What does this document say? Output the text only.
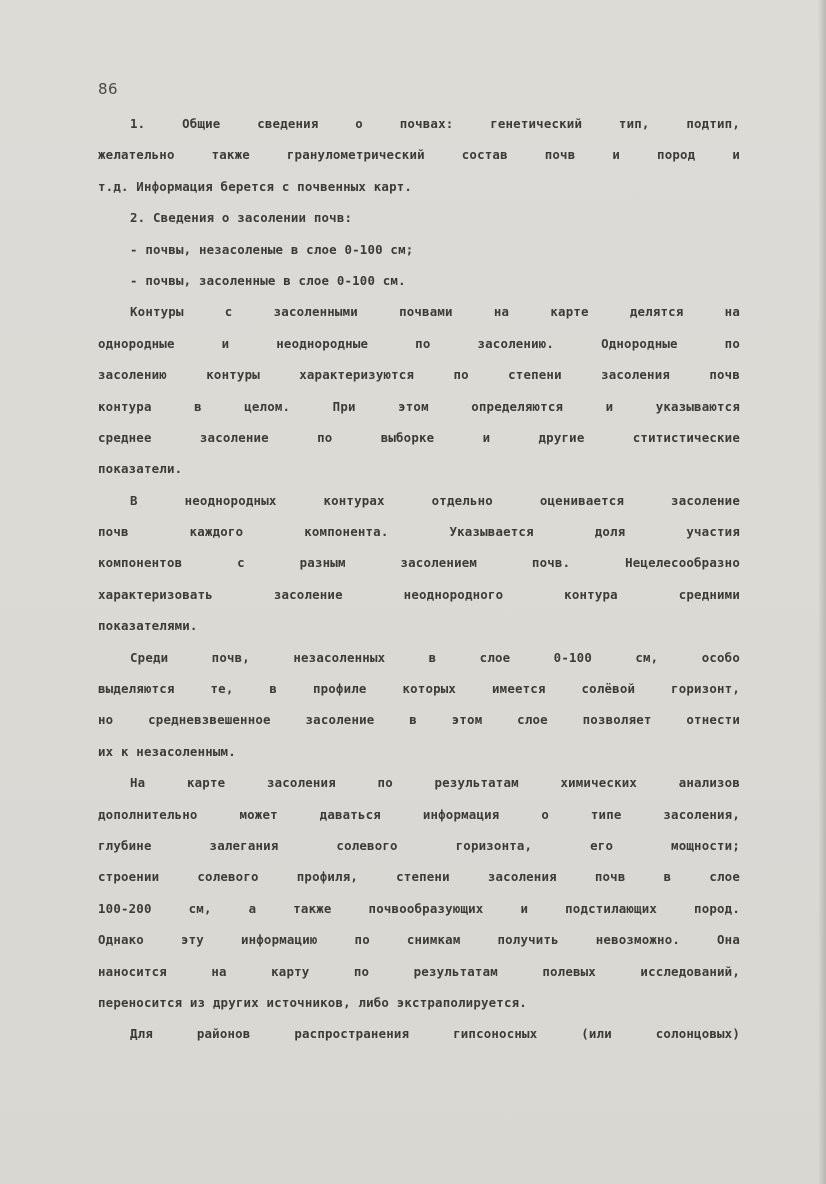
86
1. Общие сведения о почвах: генетический тип, подтип,
желательно также гранулометрический состав почв и пород и
т.д. Информация берется с почвенных карт.
2. Сведения о засолении почв:
- почвы, незасоленые в слое 0-100 см;
- почвы, засоленные в слое 0-100 см.
Контуры с засоленными почвами на карте делятся на
однородные и неоднородные по засолению. Однородные по
засолению контуры характеризуются по степени засоления почв
контура в целом. При этом определяются и указываются
среднее засоление по выборке и другие ститистические
показатели.
В неоднородных контурах отдельно оценивается засоление
почв каждого компонента. Указывается доля участия
компонентов с разным засолением почв. Нецелесообразно
характеризовать засоление неоднородного контура средними
показателями.
Среди почв, незасоленных в слое 0-100 см, особо
выделяются те, в профиле которых имеется солёвой горизонт,
но средневзвешенное засоление в этом слое позволяет отнести
их к незасоленным.
На карте засоления по результатам химических анализов
дополнительно может даваться информация о типе засоления,
глубине залегания солевого горизонта, его мощности;
строении солевого профиля, степени засоления почв в слое
100-200 см, а также почвообразующих и подстилающих пород.
Однако эту информацию по снимкам получить невозможно. Она
наносится на карту по результатам полевых исследований,
переносится из других источников, либо экстраполируется.
Для районов распространения гипсоносных (или солонцовых)
